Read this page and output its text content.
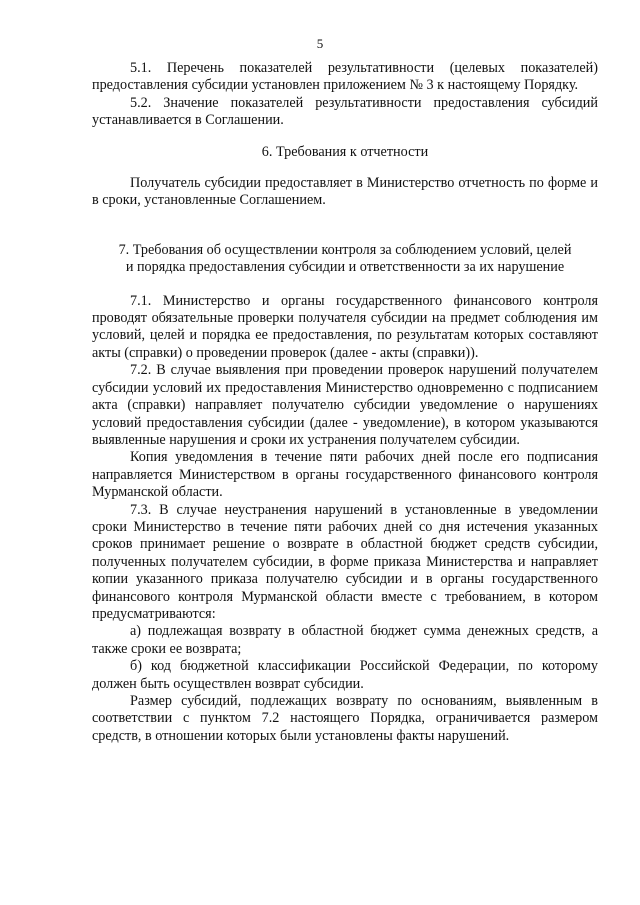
5

5.1. Перечень показателей результативности (целевых показателей) предоставления субсидии установлен приложением № 3 к настоящему Порядку.

5.2. Значение показателей результативности предоставления субсидий устанавливается в Соглашении.

6. Требования к отчетности

Получатель субсидии предоставляет в Министерство отчетность по форме и в сроки, установленные Соглашением.

7. Требования об осуществлении контроля за соблюдением условий, целей и порядка предоставления субсидии и ответственности за их нарушение

7.1. Министерство и органы государственного финансового контроля проводят обязательные проверки получателя субсидии на предмет соблюдения им условий, целей и порядка ее предоставления, по результатам которых составляют акты (справки) о проведении проверок (далее - акты (справки)).

7.2. В случае выявления при проведении проверок нарушений получателем субсидии условий их предоставления Министерство одновременно с подписанием акта (справки) направляет получателю субсидии уведомление о нарушениях условий предоставления субсидии (далее - уведомление), в котором указываются выявленные нарушения и сроки их устранения получателем субсидии.

Копия уведомления в течение пяти рабочих дней после его подписания направляется Министерством в органы государственного финансового контроля Мурманской области.

7.3. В случае неустранения нарушений в установленные в уведомлении сроки Министерство в течение пяти рабочих дней со дня истечения указанных сроков принимает решение о возврате в областной бюджет средств субсидии, полученных получателем субсидии, в форме приказа Министерства и направляет копии указанного приказа получателю субсидии и в органы государственного финансового контроля Мурманской области вместе с требованием, в котором предусматриваются:

а) подлежащая возврату в областной бюджет сумма денежных средств, а также сроки ее возврата;

б) код бюджетной классификации Российской Федерации, по которому должен быть осуществлен возврат субсидии.

Размер субсидий, подлежащих возврату по основаниям, выявленным в соответствии с пунктом 7.2 настоящего Порядка, ограничивается размером средств, в отношении которых были установлены факты нарушений.
